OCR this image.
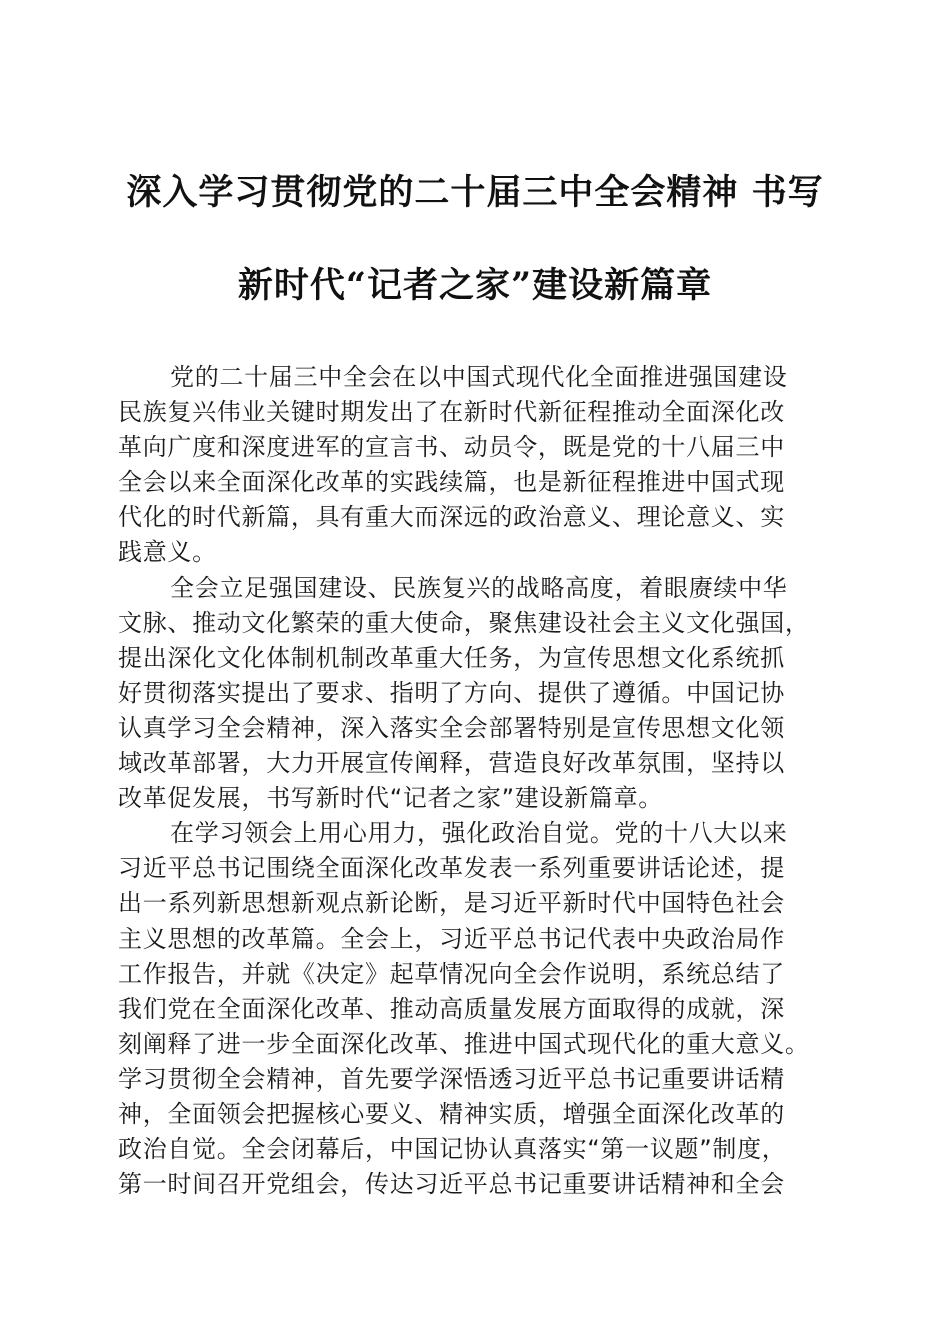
深入学习贯彻党的二十届三中全会精神 书写

新时代“记者之家”建设新篇章

党的二十届三中全会在以中国式现代化全面推进强国建设

民族复兴伟业关键时期发出了在新时代新征程推动全面深化改

革向广度和深度进军的宣言书、动员令，既是党的十八届三中

全会以来全面深化改革的实践续篇，也是新征程推进中国式现

代化的时代新篇，具有重大而深远的政治意义、理论意义、实

践意义。

全会立足强国建设、民族复兴的战略高度，着眼赓续中华

文脉、推动文化繁荣的重大使命，聚焦建设社会主义文化强国，

提出深化文化体制机制改革重大任务，为宣传思想文化系统抓

好贯彻落实提出了要求、指明了方向、提供了遵循。中国记协

认真学习全会精神，深入落实全会部署特别是宣传思想文化领

域改革部署，大力开展宣传阐释，营造良好改革氛围，坚持以

改革促发展，书写新时代“记者之家”建设新篇章。

在学习领会上用心用力，强化政治自觉。党的十八大以来

习近平总书记围绕全面深化改革发表一系列重要讲话论述，提

出一系列新思想新观点新论断，是习近平新时代中国特色社会

主义思想的改革篇。全会上，习近平总书记代表中央政治局作

工作报告，并就《决定》起草情况向全会作说明，系统总结了

我们党在全面深化改革、推动高质量发展方面取得的成就，深

刻阐释了进一步全面深化改革、推进中国式现代化的重大意义。

学习贯彻全会精神，首先要学深悟透习近平总书记重要讲话精

神，全面领会把握核心要义、精神实质，增强全面深化改革的

政治自觉。全会闭幕后，中国记协认真落实“第一议题”制度，

第一时间召开党组会，传达习近平总书记重要讲话精神和全会
